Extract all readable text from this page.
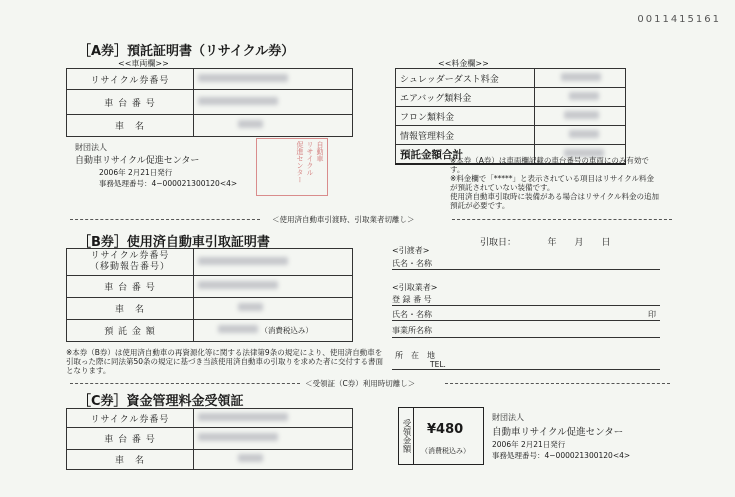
0011415161
［A券］預託証明書（リサイクル券）
<<車両欄>>	<<料金欄>>
リサイクル券番号	
車 台 番 号	
車　名	
シュレッダーダスト料金	
エアバッグ類料金	
フロン類料金	
情報管理料金	
預託金額合計	
財団法人
自動車リサイクル促進センター
2006年 2月21日発行
事務処理番号：4−000021300120<4>
自動車
リサイクル
促進センター	※本券（A券）は車両欄記載の車台番号の車両にのみ有効です。
※料金欄で「*****」と表示されている項目はリサイクル料金が預託されていない装備です。
使用済自動車引取時に装備がある場合はリサイクル料金の追加預託が必要です。
＜使用済自動車引渡時、引取業者切離し＞
［B券］使用済自動車引取証明書	引取日：　　　　年　　月　　日
リサイクル券番号
（移動報告番号）	
車 台 番 号	
車　名	
預 託 金 額	（消費税込み）
<引渡者>
氏名・名称
<引取業者>
登 録 番 号
氏名・名称	印
事業所名称
所　在　地
TEL.
※本券（B券）は使用済自動車の再資源化等に関する法律第9条の規定により、使用済自動車を引取った際に同法第50条の規定に基づき当該使用済自動車の引取りを求めた者に交付する書面となります。
＜受領証（C券）利用時切離し＞
［C券］資金管理料金受領証
リサイクル券番号	
車 台 番 号	
車　名	
受領金額 ¥480
（消費税込み）
財団法人
自動車リサイクル促進センター
2006年 2月21日発行
事務処理番号：4−000021300120<4>
